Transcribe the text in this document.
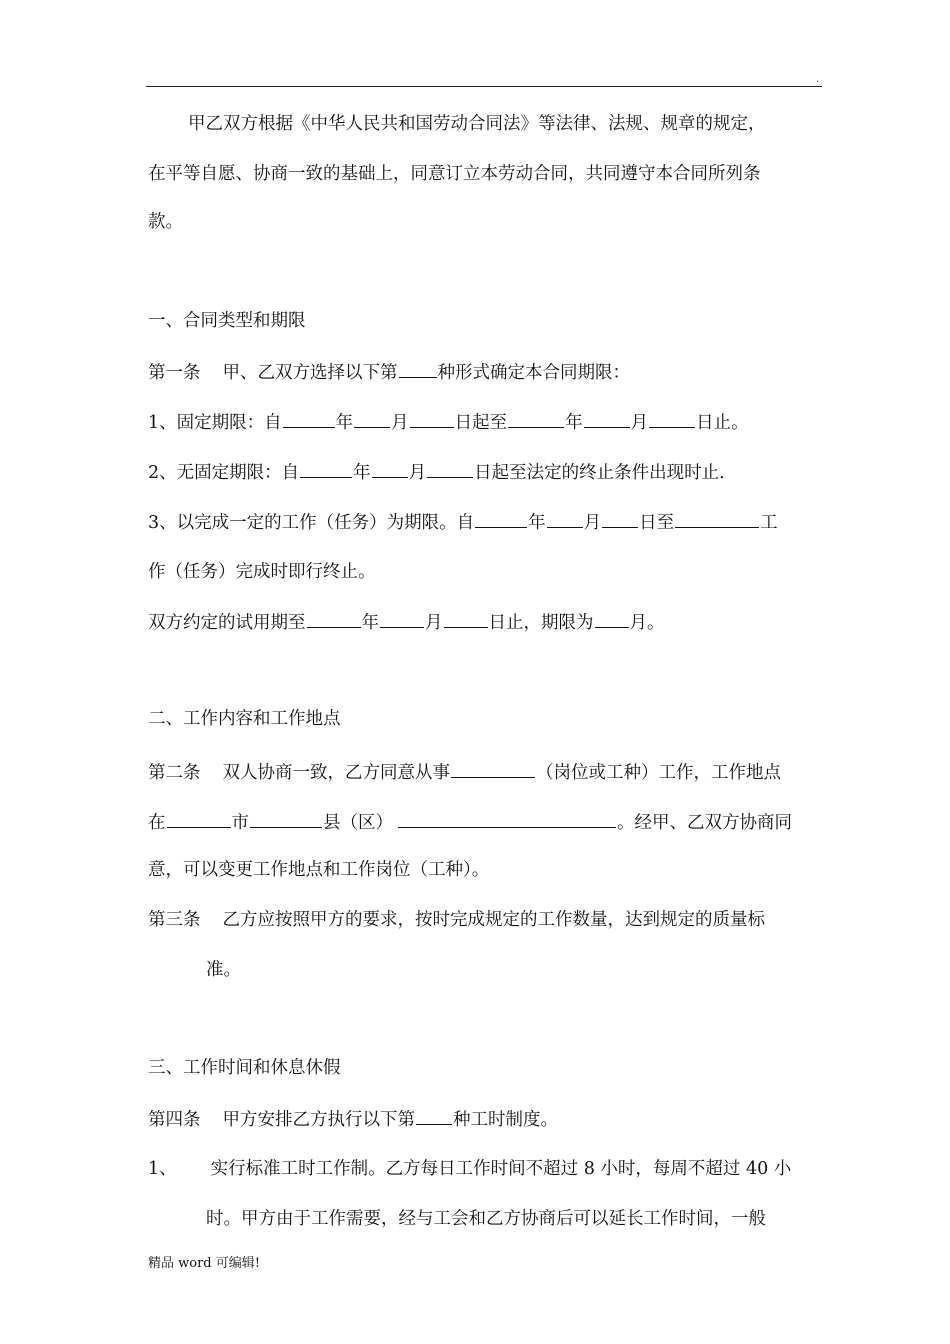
.
甲乙双方根据《中华人民共和国劳动合同法》等法律、法规、规章的规定，
在平等自愿、协商一致的基础上，同意订立本劳动合同，共同遵守本合同所列条
款。
一、合同类型和期限
第一条 甲、乙双方选择以下第 种形式确定本合同期限：
1、固定期限：自	年 月	日起至	年	月	日止。
2、无固定期限：自	年 月	日起至法定的终止条件出现时止.
3、以完成一定的工作（任务）为期限。自	年 月 日至	工
作（任务）完成时即行终止。
双方约定的试用期至	年	月	日止，期限为 月。
二、工作内容和工作地点
第二条 双人协商一致，乙方同意从事	（岗位或工种）工作，工作地点
在	市	县（区）	。经甲、乙双方协商同
意，可以变更工作地点和工作岗位（工种）。
第三条 乙方应按照甲方的要求，按时完成规定的工作数量，达到规定的质量标
准。
三、工作时间和休息休假
第四条 甲方安排乙方执行以下第 种工时制度。
1、 实行标准工时工作制。乙方每日工作时间不超过 8 小时，每周不超过 40 小
时。甲方由于工作需要，经与工会和乙方协商后可以延长工作时间，一般
精品 word 可编辑!
